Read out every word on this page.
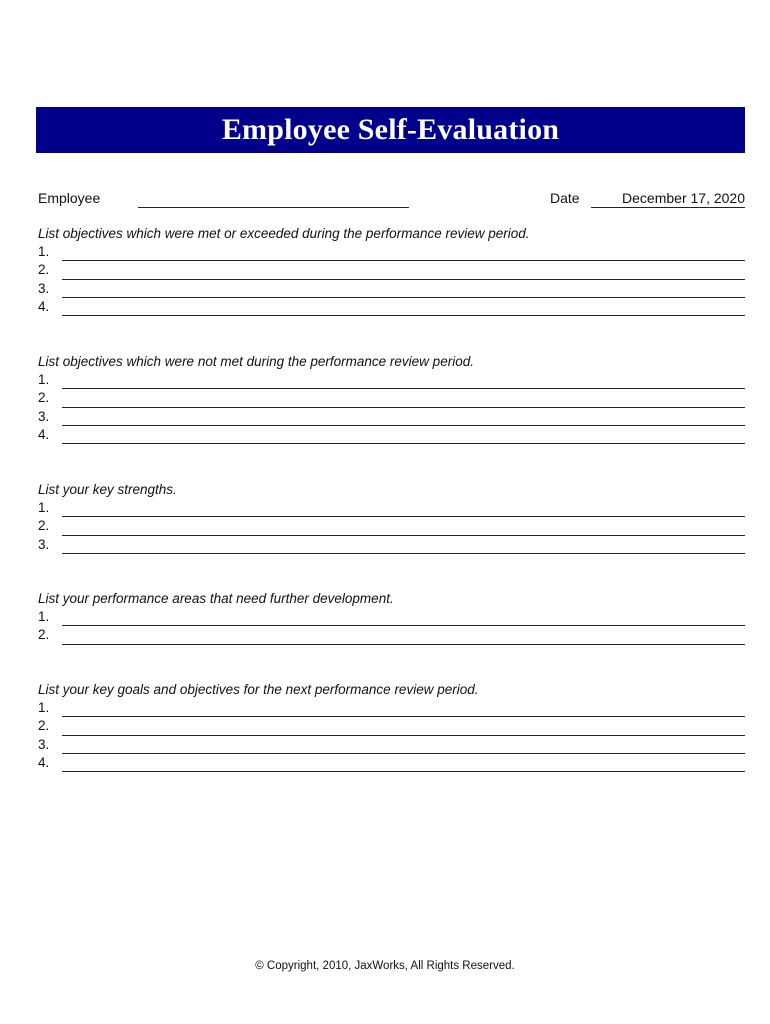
Employee Self-Evaluation
Employee	Date	December 17, 2020
List objectives which were met or exceeded during the performance review period.
1.
2.
3.
4.
List objectives which were not met during the performance review period.
1.
2.
3.
4.
List your key strengths.
1.
2.
3.
List your performance areas that need further development.
1.
2.
List your key goals and objectives for the next performance review period.
1.
2.
3.
4.
© Copyright, 2010, JaxWorks, All Rights Reserved.
